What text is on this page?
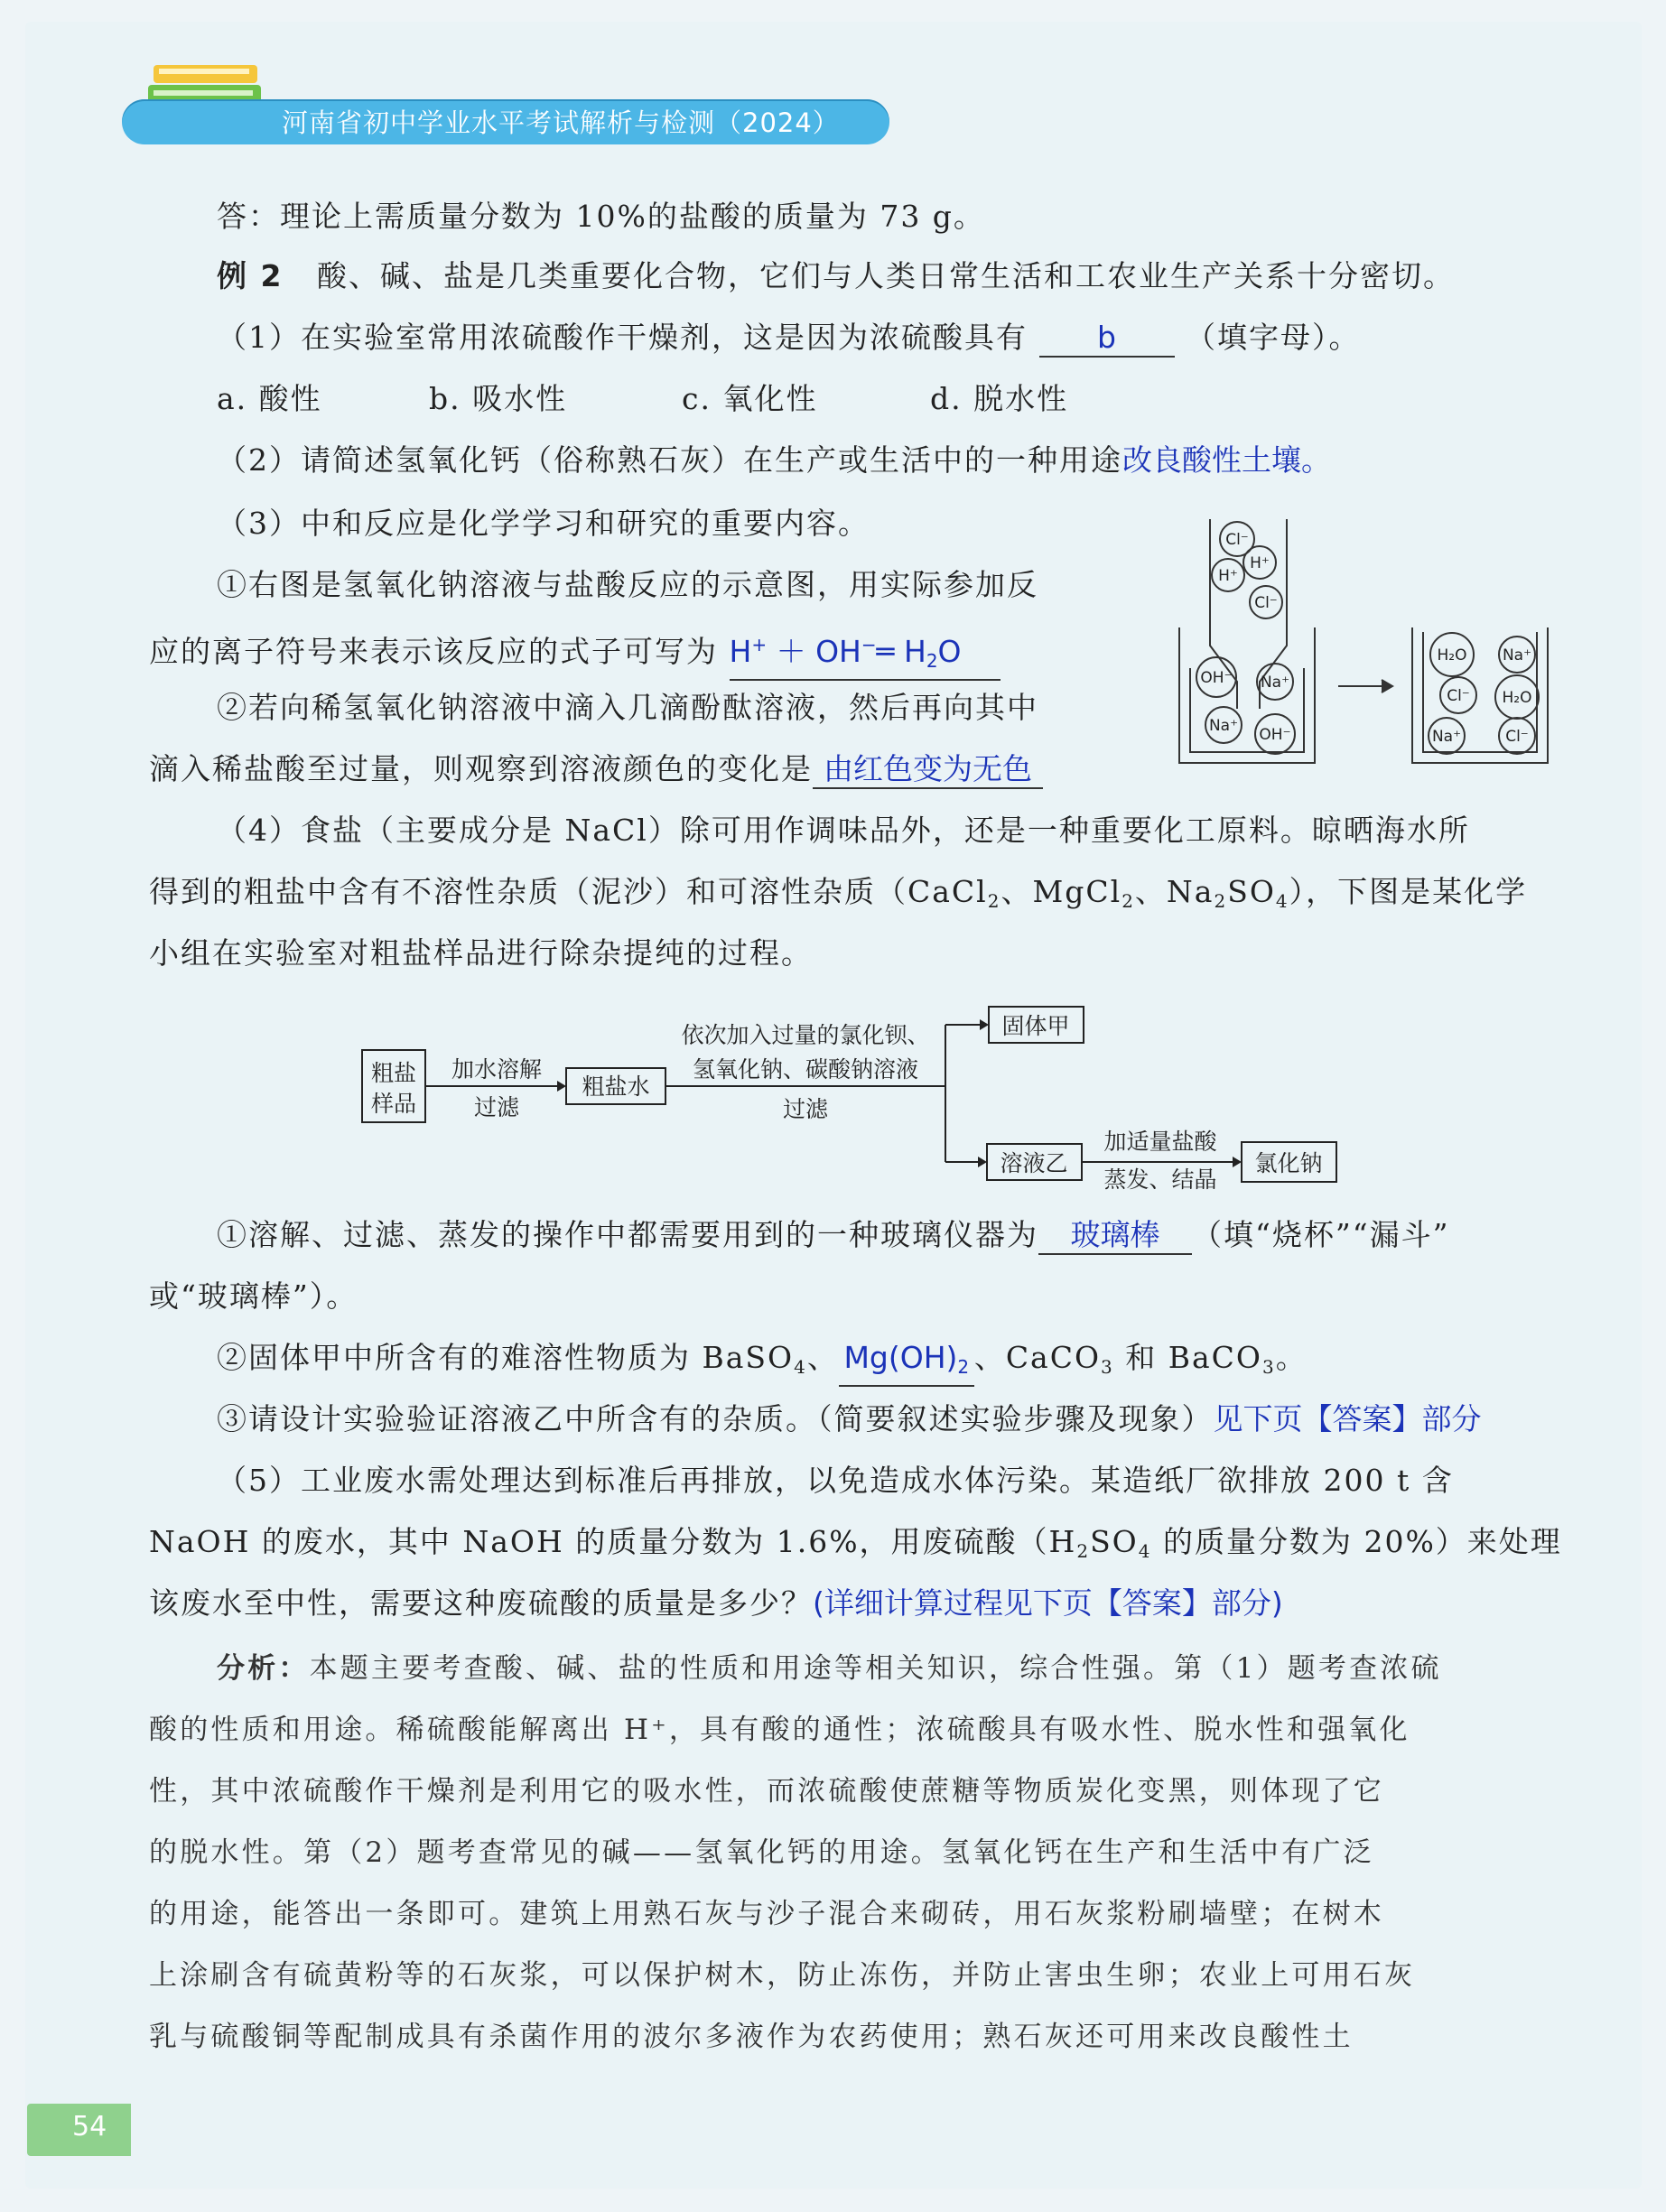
河南省初中学业水平考试解析与检测（2024）
答：理论上需质量分数为 10%的盐酸的质量为 73 g。
例 2 酸、碱、盐是几类重要化合物，它们与人类日常生活和工农业生产关系十分密切。
（1）在实验室常用浓硫酸作干燥剂，这是因为浓硫酸具有 b （填字母）。
a. 酸性	b. 吸水性	c. 氧化性	d. 脱水性
（2）请简述氢氧化钙（俗称熟石灰）在生产或生活中的一种用途改良酸性土壤。
（3）中和反应是化学学习和研究的重要内容。
①右图是氢氧化钠溶液与盐酸反应的示意图，用实际参加反
应的离子符号来表示该反应的式子可写为 H+ ＋ OH−═ $H_2O$
②若向稀氢氧化钠溶液中滴入几滴酚酞溶液，然后再向其中
滴入稀盐酸至过量，则观察到溶液颜色的变化是 由红色变为无色
Cl⁻
H⁺
H⁺
Cl⁻
OH⁻ Na⁺
Na⁺ OH⁻
H₂O Na⁺
Cl⁻ H₂O
Na⁺	Cl⁻
（4）食盐（主要成分是 NaCl）除可用作调味品外，还是一种重要化工原料。晾晒海水所
得到的粗盐中含有不溶性杂质（泥沙）和可溶性杂质（CaCl$_2$、MgCl$_2$、$Na_2SO_4$），下图是某化学
小组在实验室对粗盐样品进行除杂提纯的过程。
粗盐
样品
加水溶解
过滤
粗盐水
依次加入过量的氯化钡、
氢氧化钠、碳酸钠溶液
过滤
固体甲
溶液乙
加适量盐酸
蒸发、结晶
氯化钠
①溶解、过滤、蒸发的操作中都需要用到的一种玻璃仪器为 玻璃棒 （填“烧杯”“漏斗”
或“玻璃棒”）。
②固体甲中所含有的难溶性物质为 BaSO$_4$、 $Mg(OH)_2$ 、CaCO$_3$ 和 BaCO$_3$。
③请设计实验验证溶液乙中所含有的杂质。（简要叙述实验步骤及现象）见下页【答案】部分
（5）工业废水需处理达到标准后再排放，以免造成水体污染。某造纸厂欲排放 200 t 含
NaOH 的废水，其中 NaOH 的质量分数为 1.6%，用废硫酸（$H_2SO_4$ 的质量分数为 20%）来处理
该废水至中性，需要这种废硫酸的质量是多少？(详细计算过程见下页【答案】部分)
分析：本题主要考查酸、碱、盐的性质和用途等相关知识，综合性强。第（1）题考查浓硫
酸的性质和用途。稀硫酸能解离出 H⁺，具有酸的通性；浓硫酸具有吸水性、脱水性和强氧化
性，其中浓硫酸作干燥剂是利用它的吸水性，而浓硫酸使蔗糖等物质炭化变黑，则体现了它
的脱水性。第（2）题考查常见的碱——氢氧化钙的用途。氢氧化钙在生产和生活中有广泛
的用途，能答出一条即可。建筑上用熟石灰与沙子混合来砌砖，用石灰浆粉刷墙壁；在树木
上涂刷含有硫黄粉等的石灰浆，可以保护树木，防止冻伤，并防止害虫生卵；农业上可用石灰
乳与硫酸铜等配制成具有杀菌作用的波尔多液作为农药使用；熟石灰还可用来改良酸性土
54
